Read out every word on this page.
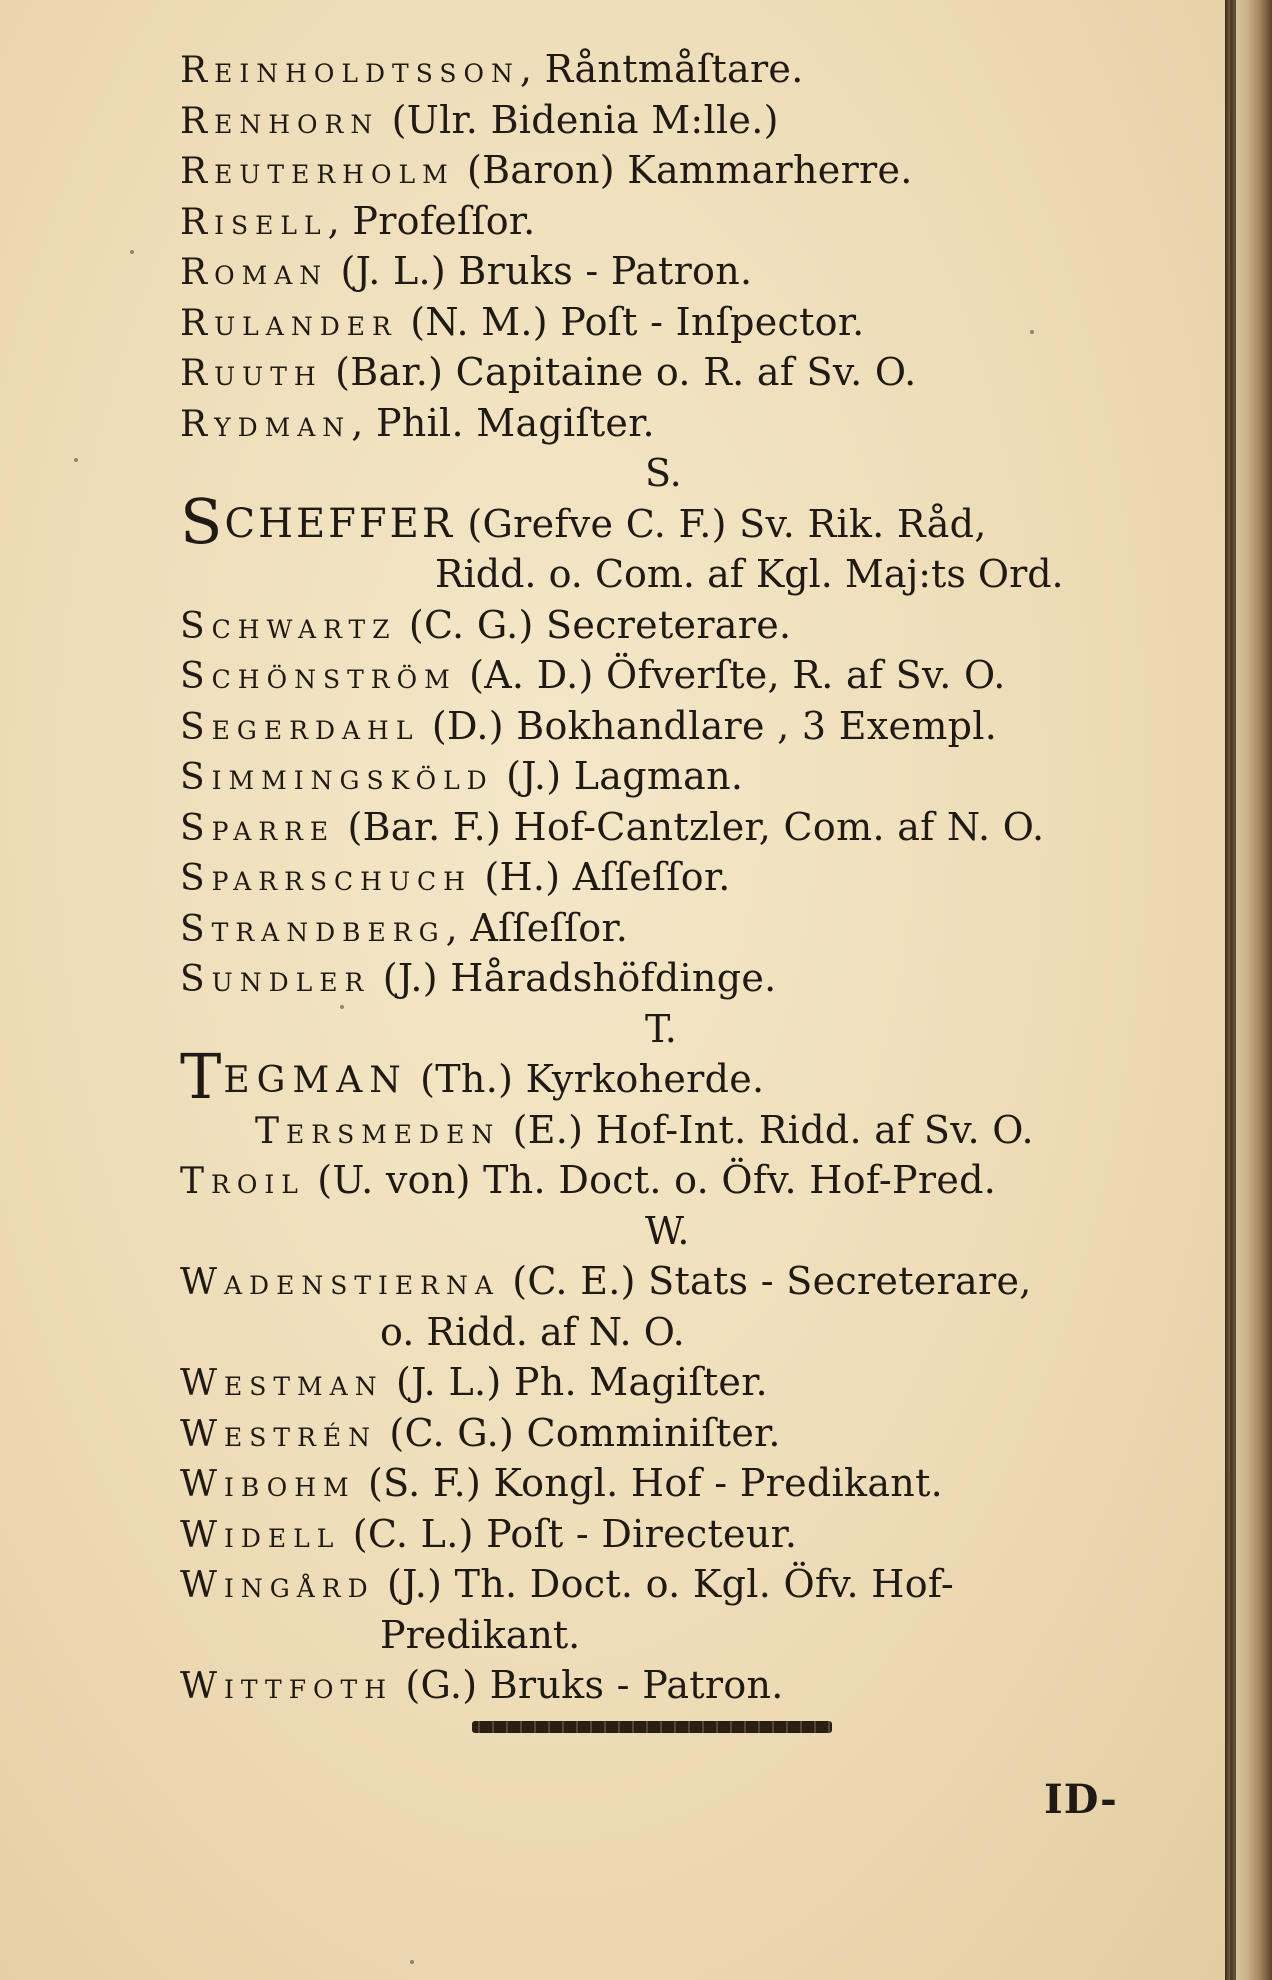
Reinholdtsson, Råntmåſtare.
Renhorn (Ulr. Bidenia M:lle.)
Reuterholm (Baron) Kammarherre.
Risell, Profeſſor.
Roman (J. L.) Bruks - Patron.
Rulander (N. M.) Poſt - Inſpector.
Ruuth (Bar.) Capitaine o. R. af Sv. O.
Rydman, Phil. Magiſter.
S.
SCHEFFER (Grefve C. F.) Sv. Rik. Råd,
Ridd. o. Com. af Kgl. Maj:ts Ord.
Schwartz (C. G.) Secreterare.
Schönström (A. D.) Öfverſte, R. af Sv. O.
Segerdahl (D.) Bokhandlare , 3 Exempl.
Simmingsköld (J.) Lagman.
Sparre (Bar. F.) Hof-Cantzler, Com. af N. O.
Sparrschuch (H.) Aſſeſſor.
Strandberg, Aſſeſſor.
Sundler (J.) Håradshöfdinge.
T.
TEGMAN (Th.) Kyrkoherde.
Tersmeden (E.) Hof-Int. Ridd. af Sv. O.
Troil (U. von) Th. Doct. o. Öfv. Hof-Pred.
W.
Wadenstierna (C. E.) Stats - Secreterare,
o. Ridd. af N. O.
Westman (J. L.) Ph. Magiſter.
Westrén (C. G.) Comminiſter.
Wibohm (S. F.) Kongl. Hof - Predikant.
Widell (C. L.) Poſt - Directeur.
Wingård (J.) Th. Doct. o. Kgl. Öfv. Hof-
Predikant.
Wittfoth (G.) Bruks - Patron.
ID-
